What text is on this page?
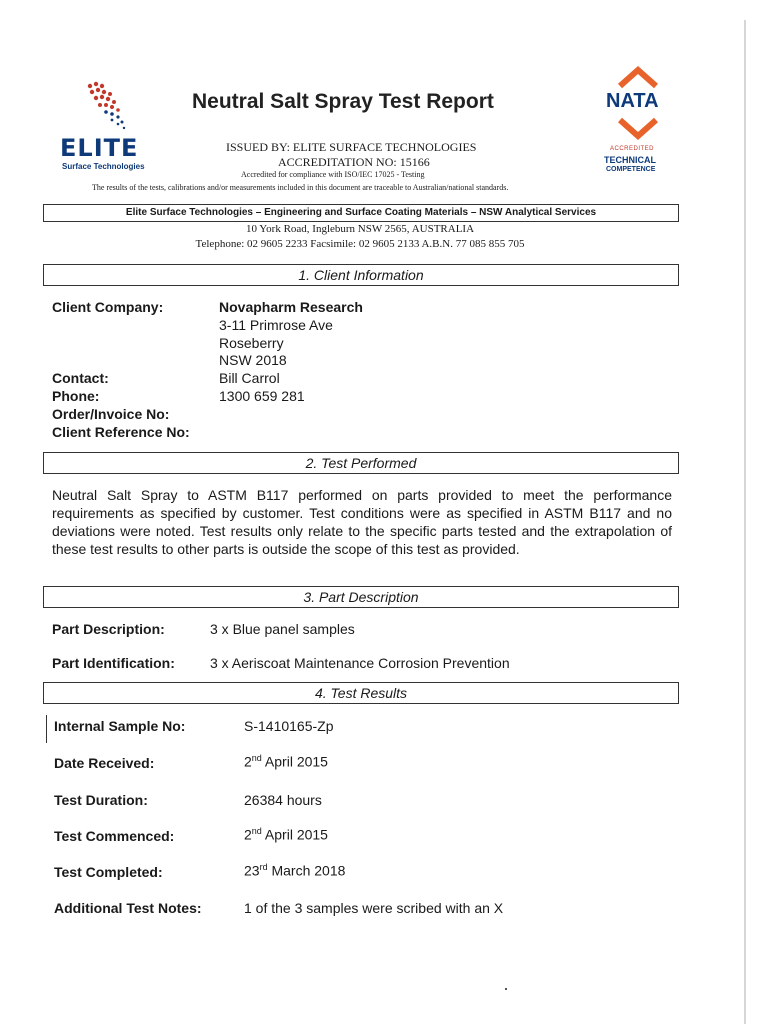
ELITE
Surface Technologies
NATA
ACCREDITED
TECHNICAL
COMPETENCE
Neutral Salt Spray Test Report
ISSUED BY: ELITE SURFACE TECHNOLOGIES
ACCREDITATION NO: 15166
Accredited for compliance with ISO/IEC 17025 - Testing
The results of the tests, calibrations and/or measurements included in this document are traceable to Australian/national standards.
Elite Surface Technologies – Engineering and Surface Coating Materials – NSW Analytical Services
10 York Road, Ingleburn NSW 2565, AUSTRALIA
Telephone: 02 9605 2233 Facsimile: 02 9605 2133 A.B.N. 77 085 855 705
1. Client Information
Client Company:	Novapharm Research
3-11 Primrose Ave
Roseberry
NSW 2018
Contact:	Bill Carrol
Phone:	1300 659 281
Order/Invoice No:
Client Reference No:
2. Test Performed
Neutral Salt Spray to ASTM B117 performed on parts provided to meet the performance requirements as specified by customer. Test conditions were as specified in ASTM B117 and no deviations were noted. Test results only relate to the specific parts tested and the extrapolation of these test results to other parts is outside the scope of this test as provided.
3. Part Description
Part Description:	3 x Blue panel samples
Part Identification:	3 x Aeriscoat Maintenance Corrosion Prevention
4. Test Results
Internal Sample No:	S-1410165-Zp
Date Received:	2nd April 2015
Test Duration:	26384 hours
Test Commenced:	2nd April 2015
Test Completed:	23rd March 2018
Additional Test Notes:	1 of the 3 samples were scribed with an X
